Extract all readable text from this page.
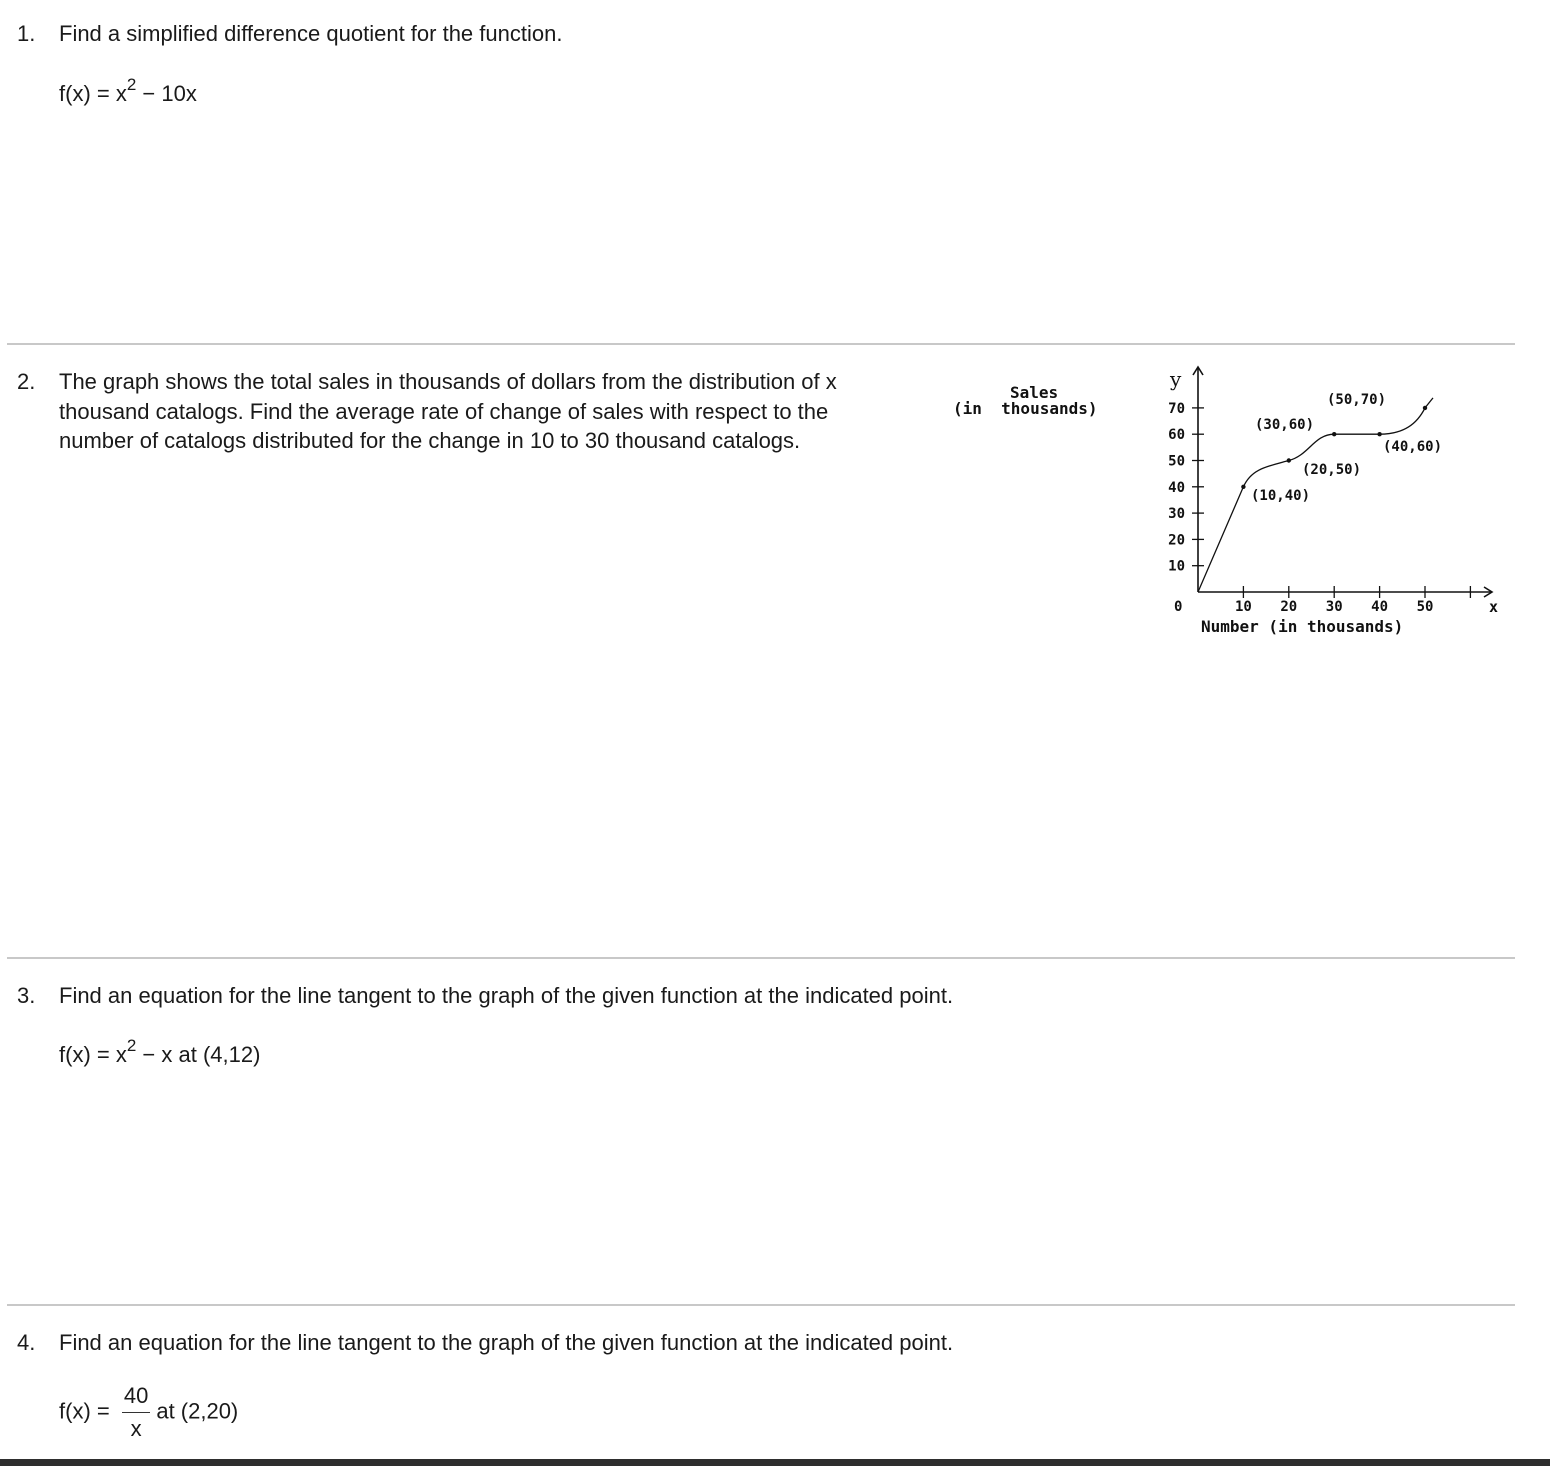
1. Find a simplified difference quotient for the function.
$f(x) = x^2 - 10x$
2. The graph shows the total sales in thousands of dollars from the distribution of x
thousand catalogs. Find the average rate of change of sales with respect to the
number of catalogs distributed for the change in 10 to 30 thousand catalogs.
y
x
Sales
(in  thousands)
Number (in thousands)
0
70
60
50
40
30
20
10
10 20 30 40 50
(50,70)
(30,60)
(40,60)
(20,50)
(10,40)
3. Find an equation for the line tangent to the graph of the given function at the indicated point.
$f(x) = x^2 - x$ at (4,12)
4. Find an equation for the line tangent to the graph of the given function at the indicated point.
$f(x) = \frac{40}{x}$ at (2,20)
